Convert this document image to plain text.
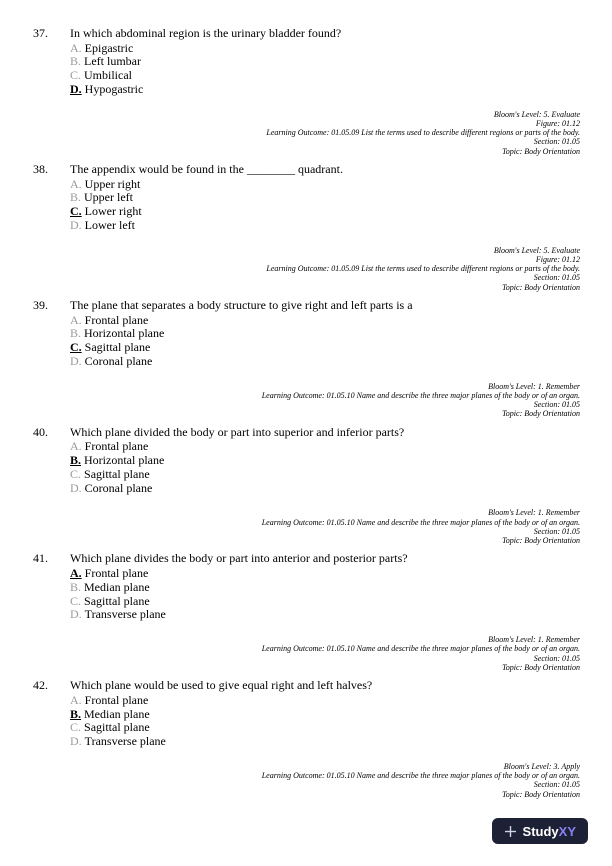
37.	In which abdominal region is the urinary bladder found?
A. Epigastric
B. Left lumbar
C. Umbilical
D. Hypogastric
Bloom's Level: 5. Evaluate
Figure: 01.12
Learning Outcome: 01.05.09 List the terms used to describe different regions or parts of the body.
Section: 01.05
Topic: Body Orientation
38.	The appendix would be found in the ________ quadrant.
A. Upper right
B. Upper left
C. Lower right
D. Lower left
Bloom's Level: 5. Evaluate
Figure: 01.12
Learning Outcome: 01.05.09 List the terms used to describe different regions or parts of the body.
Section: 01.05
Topic: Body Orientation
39.	The plane that separates a body structure to give right and left parts is a
A. Frontal plane
B. Horizontal plane
C. Sagittal plane
D. Coronal plane
Bloom's Level: 1. Remember
Learning Outcome: 01.05.10 Name and describe the three major planes of the body or of an organ.
Section: 01.05
Topic: Body Orientation
40.	Which plane divided the body or part into superior and inferior parts?
A. Frontal plane
B. Horizontal plane
C. Sagittal plane
D. Coronal plane
Bloom's Level: 1. Remember
Learning Outcome: 01.05.10 Name and describe the three major planes of the body or of an organ.
Section: 01.05
Topic: Body Orientation
41.	Which plane divides the body or part into anterior and posterior parts?
A. Frontal plane
B. Median plane
C. Sagittal plane
D. Transverse plane
Bloom's Level: 1. Remember
Learning Outcome: 01.05.10 Name and describe the three major planes of the body or of an organ.
Section: 01.05
Topic: Body Orientation
42.	Which plane would be used to give equal right and left halves?
A. Frontal plane
B. Median plane
C. Sagittal plane
D. Transverse plane
Bloom's Level: 3. Apply
Learning Outcome: 01.05.10 Name and describe the three major planes of the body or of an organ.
Section: 01.05
Topic: Body Orientation
StudyXY
